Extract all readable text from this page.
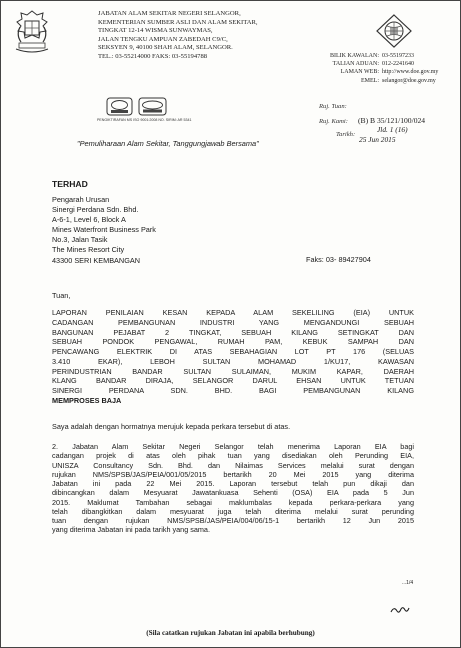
JABATAN ALAM SEKITAR NEGERI SELANGOR,
KEMENTERIAN SUMBER ASLI DAN ALAM SEKITAR,
TINGKAT 12-14 WISMA SUNWAYMAS,
JALAN TENGKU AMPUAN ZABEDAH C9/C,
SEKSYEN 9, 40100 SHAH ALAM, SELANGOR.
TEL.: 03-55214000 FAKS: 03-55194788	BILIK KAWALAN: 03-55197233
TALIAN ADUAN: 012-2241640
LAMAN WEB: http://www.doe.gov.my
EMEL: selangor@doe.gov.my
PENGIKTIRAFAN MS ISO 9001:2008 NO. SIRIM: AR 5341
"Pemuliharaan Alam Sekitar, Tanggungjawab Bersama"
Ruj. Tuan:
Ruj. Kami: (B) B 35/121/100/024
Jld. 1 (16)
Tarikh:
25 Jun 2015
TERHAD
Pengarah Urusan
Sinergi Perdana Sdn. Bhd.
A-6-1, Level 6, Block A
Mines Waterfront Business Park
No.3, Jalan Tasik
The Mines Resort City
43300 SERI KEMBANGAN	Faks: 03- 89427904
Tuan,
LAPORAN PENILAIAN KESAN KEPADA ALAM SEKELILING (EIA) UNTUK
CADANGAN PEMBANGUNAN INDUSTRI YANG MENGANDUNGI SEBUAH
BANGUNAN PEJABAT 2 TINGKAT, SEBUAH KILANG SETINGKAT DAN
SEBUAH PONDOK PENGAWAL, RUMAH PAM, KEBUK SAMPAH DAN
PENCAWANG ELEKTRIK DI ATAS SEBAHAGIAN LOT PT 176 (SELUAS
3.410 EKAR), LEBOH SULTAN MOHAMAD 1/KU17, KAWASAN
PERINDUSTRIAN BANDAR SULTAN SULAIMAN, MUKIM KAPAR, DAERAH
KLANG BANDAR DIRAJA, SELANGOR DARUL EHSAN UNTUK TETUAN
SINERGI PERDANA SDN. BHD. BAGI PEMBANGUNAN KILANG
MEMPROSES BAJA
Saya adalah dengan hormatnya merujuk kepada perkara tersebut di atas.
2. Jabatan Alam Sekitar Negeri Selangor telah menerima Laporan EIA bagi
cadangan projek di atas oleh pihak tuan yang disediakan oleh Perunding EIA,
UNISZA Consultancy Sdn. Bhd. dan Nilaimas Services melalui surat dengan
rujukan NMS/SPSB/JAS/PEIA/001/05/2015 bertarikh 20 Mei 2015 yang diterima
Jabatan ini pada 22 Mei 2015. Laporan tersebut telah pun dikaji dan
dibincangkan dalam Mesyuarat Jawatankuasa Sehenti (OSA) EIA pada 5 Jun
2015. Maklumat Tambahan sebagai maklumbalas kepada perkara-perkara yang
telah dibangkitkan dalam mesyuarat juga telah diterima melalui surat perunding
tuan dengan rujukan NMS/SPSB/JAS/PEIA/004/06/15-1 bertarikh 12 Jun 2015
yang diterima Jabatan ini pada tarikh yang sama.
...1/4
(Sila catatkan rujukan Jabatan ini apabila berhubung)
